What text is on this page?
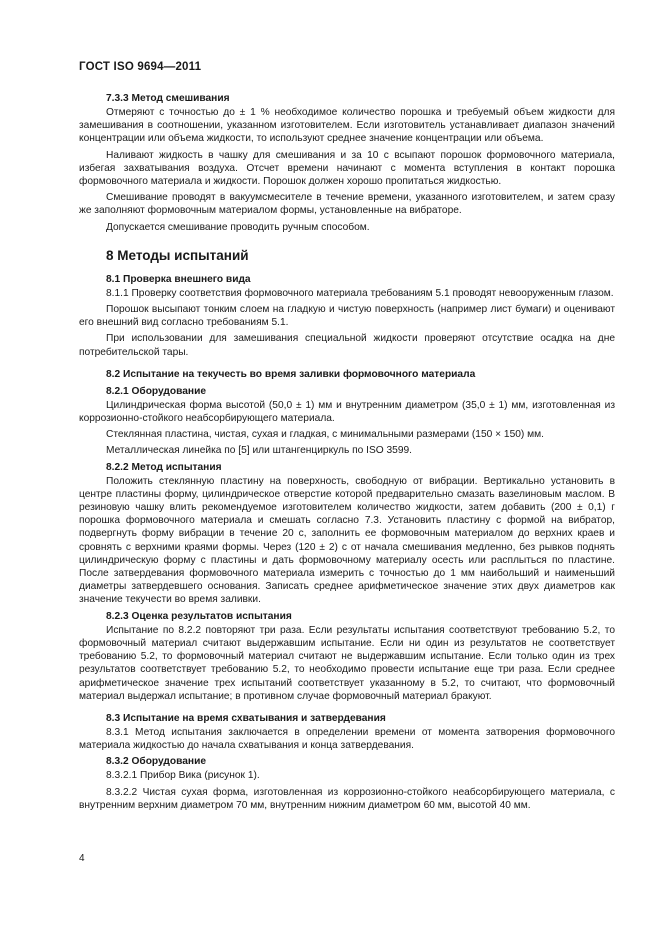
ГОСТ ISO 9694—2011
7.3.3 Метод смешивания

Отмеряют с точностью до ± 1 % необходимое количество порошка и требуемый объем жидкости для замешивания в соотношении, указанном изготовителем. Если изготовитель устанавливает диапазон значений концентрации или объема жидкости, то используют среднее значение концентрации или объема.

Наливают жидкость в чашку для смешивания и за 10 с всыпают порошок формовочного материала, избегая захватывания воздуха. Отсчет времени начинают с момента вступления в контакт порошка формовочного материала и жидкости. Порошок должен хорошо пропитаться жидкостью.

Смешивание проводят в вакуумсмесителе в течение времени, указанного изготовителем, и затем сразу же заполняют формовочным материалом формы, установленные на вибраторе.

Допускается смешивание проводить ручным способом.

8 Методы испытаний
8.1 Проверка внешнего вида

8.1.1 Проверку соответствия формовочного материала требованиям 5.1 проводят невооруженным глазом.

Порошок высыпают тонким слоем на гладкую и чистую поверхность (например лист бумаги) и оценивают его внешний вид согласно требованиям 5.1.

При использовании для замешивания специальной жидкости проверяют отсутствие осадка на дне потребительской тары.

8.2 Испытание на текучесть во время заливки формовочного материала
8.2.1 Оборудование

Цилиндрическая форма высотой (50,0 ± 1) мм и внутренним диаметром (35,0 ± 1) мм, изготовленная из коррозионно-стойкого неабсорбирующего материала.

Стеклянная пластина, чистая, сухая и гладкая, с минимальными размерами (150 × 150) мм.

Металлическая линейка по [5] или штангенциркуль по ISO 3599.

8.2.2 Метод испытания

Положить стеклянную пластину на поверхность, свободную от вибрации. Вертикально установить в центре пластины форму, цилиндрическое отверстие которой предварительно смазать вазелиновым маслом. В резиновую чашку влить рекомендуемое изготовителем количество жидкости, затем добавить (200 ± 0,1) г порошка формовочного материала и смешать согласно 7.3. Установить пластину с формой на вибратор, подвергнуть форму вибрации в течение 20 с, заполнить ее формовочным материалом до верхних краев и сровнять с верхними краями формы. Через (120 ± 2) с от начала смешивания медленно, без рывков поднять цилиндрическую форму с пластины и дать формовочному материалу осесть или расплыться по пластине. После затвердевания формовочного материала измерить с точностью до 1 мм наибольший и наименьший диаметры затвердевшего основания. Записать среднее арифметическое значение этих двух диаметров как значение текучести во время заливки.

8.2.3 Оценка результатов испытания

Испытание по 8.2.2 повторяют три раза. Если результаты испытания соответствуют требованию 5.2, то формовочный материал считают выдержавшим испытание. Если ни один из результатов не соответствует требованию 5.2, то формовочный материал считают не выдержавшим испытание. Если только один из трех результатов соответствует требованию 5.2, то необходимо провести испытание еще три раза. Если среднее арифметическое значение трех испытаний соответствует указанному в 5.2, то считают, что формовочный материал выдержал испытание; в противном случае формовочный материал бракуют.

8.3 Испытание на время схватывания и затвердевания

8.3.1 Метод испытания заключается в определении времени от момента затворения формовочного материала жидкостью до начала схватывания и конца затвердевания.

8.3.2 Оборудование

8.3.2.1 Прибор Вика (рисунок 1).

8.3.2.2 Чистая сухая форма, изготовленная из коррозионно-стойкого неабсорбирующего материала, с внутренним верхним диаметром 70 мм, внутренним нижним диаметром 60 мм, высотой 40 мм.

4
